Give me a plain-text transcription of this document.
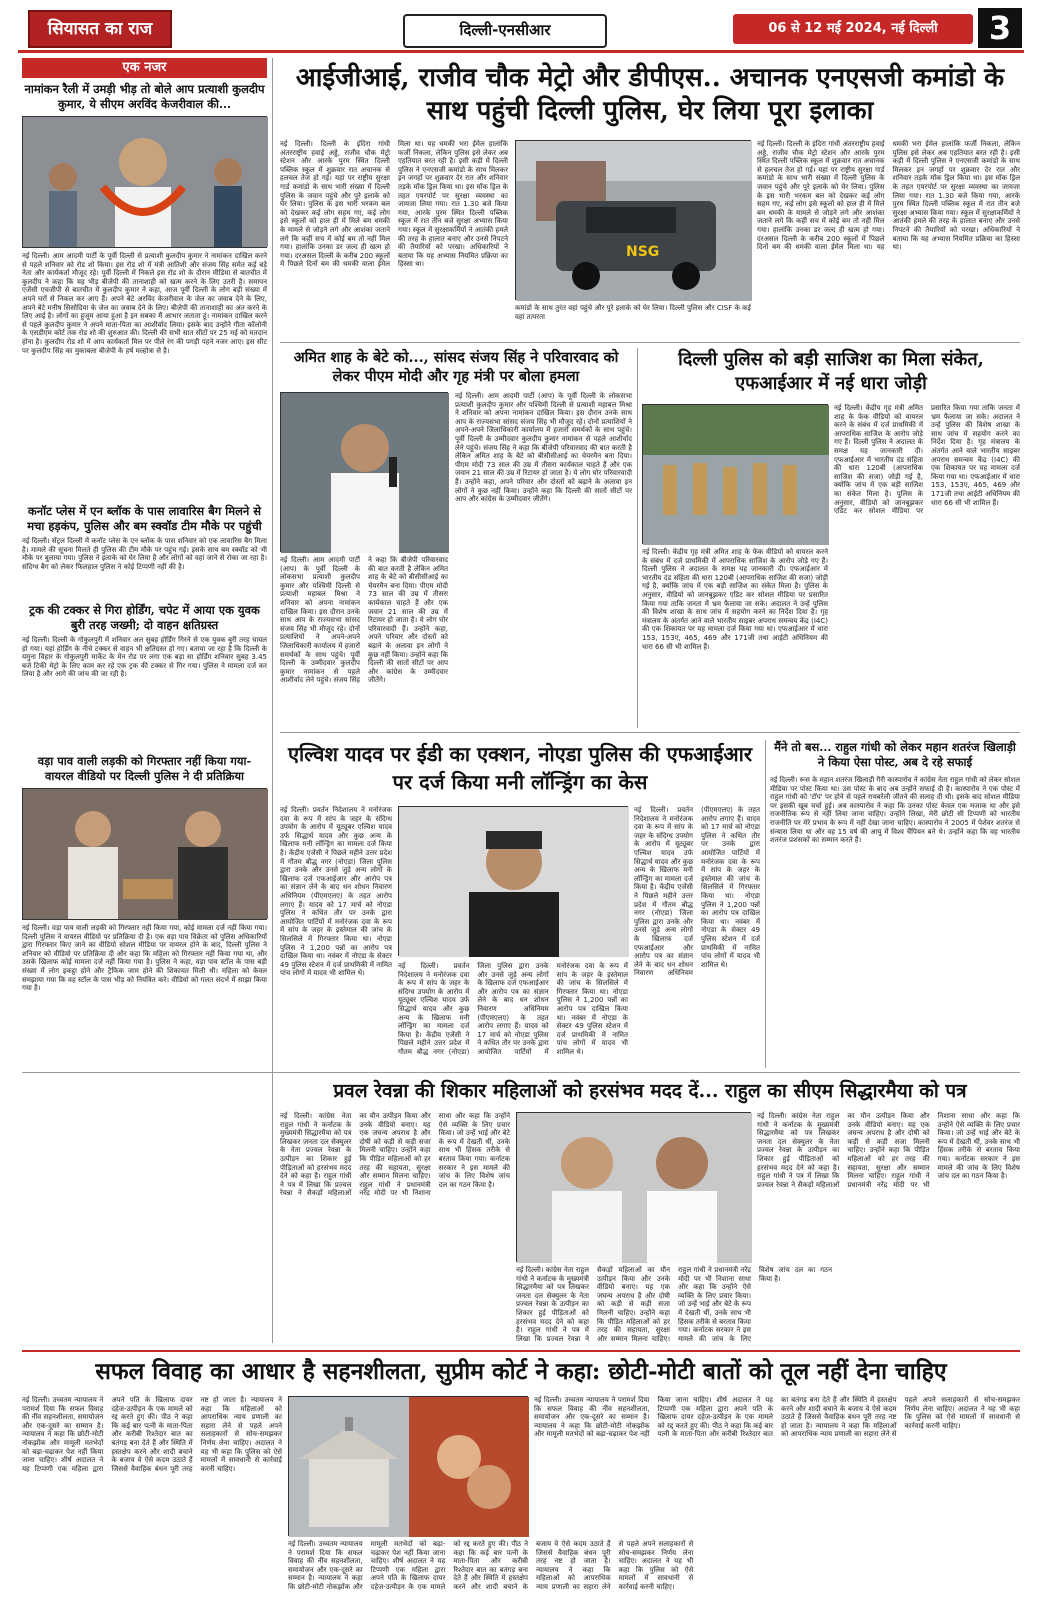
सियासत का राज	दिल्ली-एनसीआर	06 से 12 मई 2024, नई दिल्ली	3
एक नजर

नामांकन रैली में उमड़ी भीड़ तो बोले आप प्रत्याशी कुलदीप कुमार, ये सीएम अरविंद केजरीवाल की...

नई दिल्ली। आम आदमी पार्टी के पूर्वी दिल्ली से प्रत्याशी कुलदीप कुमार ने नामांकन दाखिल करने से पहले शनिवार को रोड शो किया। इस रोड शो में मंत्री आतिशी और संजय सिंह समेत कई बड़े नेता और कार्यकर्ता मौजूद रहे। पूर्वी दिल्ली में निकले इस रोड शो के दौरान मीडिया से बातचीत में कुलदीप ने कहा कि यह भीड़ बीजेपी की तानाशाही को खत्म करने के लिए उतरी है। समापन एजेंसी एचजीपी से बातचीत में कुलदीप कुमार ने कहा, आज पूर्वी दिल्ली के लोग बड़ी संख्या में अपने घरों से निकल कर आए हैं। अपने बेटे अरविंद केजरीवाल के जेल का जवाब देने के लिए, अपने बेटे मनीष सिसोदिया के जेल का जवाब देने के लिए। बीजेपी की तानाशाही का अंत करने के लिए आई है। लोगों का हुजूम आया हुआ है इन सबका मैं आभार जताता हूं। नामांकन दाखिल करने से पहले कुलदीप कुमार ने अपने माता-पिता का आशीर्वाद लिया। इसके बाद उन्होंने गीता कॉलोनी के एसडीएम कोर्ट तक रोड शो की शुरुआत की। दिल्ली की सभी सात सीटों पर 25 मई को मतदान होना है। कुलदीप रोड शो में आप कार्यकर्ता मिल पर पीले रंग की पगड़ी पहने नजर आए। इस सीट पर कुलदीप सिंह का मुकाबला बीजेपी के हर्ष मल्होत्रा से है।

कनॉट प्लेस में एन ब्लॉक के पास लावारिस बैग मिलने से मचा हड़कंप, पुलिस और बम स्क्वॉड टीम मौके पर पहुंची

नई दिल्ली। सेंट्रल दिल्ली में कनॉट प्लेस के एन ब्लॉक के पास शनिवार को एक लावारिस बैग मिला है। मामले की सूचना मिलते ही पुलिस की टीम मौके पर पहुंच गई। इसके साथ बम स्क्वॉड को भी मौके पर बुलाया गया। पुलिस ने इलाके को घेर लिया है और लोगों को वहां जाने से रोका जा रहा है। संदिग्ध बैग को लेकर फिलहाल पुलिस ने कोई टिप्पणी नहीं की है।

ट्रक की टक्कर से गिरा होर्डिंग, चपेट में आया एक युवक बुरी तरह जख्मी; दो वाहन क्षतिग्रस्त

नई दिल्ली। दिल्ली के गोकुलपुरी में शनिवार अल सुबह होर्डिंग गिरने से एक युवक बुरी तरह घायल हो गया। यहां होर्डिंग के नीचे टक्कर से वाहन भी क्षतिग्रस्त हो गए। बताया जा रहा है कि दिल्ली के यमुना विहार के गोकुलपुरी मार्केट के मेन रोड पर लगा एक बड़ा सा होर्डिंग शनिवार सुबह 3.45 बजे टिकी मेट्रो के लिए काम कर रहे एक ट्रक की टक्कर से गिर गया। पुलिस ने मामला दर्ज कर लिया है और आगे की जांच की जा रही है।

वड़ा पाव वाली लड़की को गिरफ्तार नहीं किया गया- वायरल वीडियो पर दिल्ली पुलिस ने दी प्रतिक्रिया

नई दिल्ली। वड़ा पाव वाली लड़की को गिरफ्तार नहीं किया गया, कोई मामला दर्ज नहीं किया गया। दिल्ली पुलिस ने वायरल वीडियो पर प्रतिक्रिया दी है। एक वड़ा पाव विक्रेता को पुलिस अधिकारियों द्वारा गिरफ्तार किए जाने का वीडियो सोशल मीडिया पर वायरल होने के बाद, दिल्ली पुलिस ने शनिवार को वीडियो पर प्रतिक्रिया दी और कहा कि महिला को गिरफ्तार नहीं किया गया था, और उसके खिलाफ कोई मामला दर्ज नहीं किया गया है। पुलिस ने कहा, वड़ा पाव स्टॉल के पास बड़ी संख्या में लोग इकट्ठा होने और ट्रैफिक जाम होने की शिकायत मिली थी। महिला को केवल समझाया गया कि वह स्टॉल के पास भीड़ को नियंत्रित करे। वीडियो को गलत संदर्भ में साझा किया गया है।

आईजीआई, राजीव चौक मेट्रो और डीपीएस.. अचानक एनएसजी कमांडो के साथ पहुंची दिल्ली पुलिस, घेर लिया पूरा इलाका

नई दिल्ली। दिल्ली के इंदिरा गांधी अंतरराष्ट्रीय हवाई अड्डे, राजीव चौक मेट्रो स्टेशन और आरके पुरम स्थित दिल्ली पब्लिक स्कूल में शुक्रवार रात अचानक से हलचल तेज हो गई। यहां पर राष्ट्रीय सुरक्षा गार्ड कमांडो के साथ भारी संख्या में दिल्ली पुलिस के जवान पहुंचे और पूरे इलाके को घेर लिया। पुलिस के इस भारी भरकम बल को देखकर कई लोग सहम गए, कई लोग इसे स्कूलों को हाल ही में मिले बम धमकी के मामले से जोड़ने लगे और आशंका जताने लगे कि कहीं सच में कोई बम तो नहीं मिल गया। हालांकि उनका डर जल्द ही खत्म हो गया। दरअसल दिल्ली के करीब 200 स्कूलों में पिछले दिनों बम की धमकी वाला ईमेल मिला था। यह धमकी भरा ईमेल हालांकि फर्जी निकला, लेकिन पुलिस इसे लेकर अब एहतियात बरत रही है। इसी कड़ी में दिल्ली पुलिस ने एनएसजी कमांडो के साथ मिलकर इन जगहों पर शुक्रवार देर रात और शनिवार तड़के मॉक ड्रिल किया था। इस मॉक ड्रिल के तहत एयरपोर्ट पर सुरक्षा व्यवस्था का जायजा लिया गया। रात 1.30 बजे किया गया, आरके पुरम स्थित दिल्ली पब्लिक स्कूल में रात तीन बजे सुरक्षा अभ्यास किया गया। स्कूल में सुरक्षाकर्मियों ने आतंकी हमले की तरह के हालात बनाए और उनसे निपटने की तैयारियों को परखा। अधिकारियों ने बताया कि यह अभ्यास नियमित प्रक्रिया का हिस्सा था।

NSG

कमांडो के साथ तुरंत वहां पहुंचे और पूरे इलाके को घेर लिया। दिल्ली पुलिस और CISF के कई वहां तत्परता

नई दिल्ली। दिल्ली के इंदिरा गांधी अंतरराष्ट्रीय हवाई अड्डे, राजीव चौक मेट्रो स्टेशन और आरके पुरम स्थित दिल्ली पब्लिक स्कूल में शुक्रवार रात अचानक से हलचल तेज हो गई। यहां पर राष्ट्रीय सुरक्षा गार्ड कमांडो के साथ भारी संख्या में दिल्ली पुलिस के जवान पहुंचे और पूरे इलाके को घेर लिया। पुलिस के इस भारी भरकम बल को देखकर कई लोग सहम गए, कई लोग इसे स्कूलों को हाल ही में मिले बम धमकी के मामले से जोड़ने लगे और आशंका जताने लगे कि कहीं सच में कोई बम तो नहीं मिल गया। हालांकि उनका डर जल्द ही खत्म हो गया। दरअसल दिल्ली के करीब 200 स्कूलों में पिछले दिनों बम की धमकी वाला ईमेल मिला था। यह धमकी भरा ईमेल हालांकि फर्जी निकला, लेकिन पुलिस इसे लेकर अब एहतियात बरत रही है। इसी कड़ी में दिल्ली पुलिस ने एनएसजी कमांडो के साथ मिलकर इन जगहों पर शुक्रवार देर रात और शनिवार तड़के मॉक ड्रिल किया था। इस मॉक ड्रिल के तहत एयरपोर्ट पर सुरक्षा व्यवस्था का जायजा लिया गया। रात 1.30 बजे किया गया, आरके पुरम स्थित दिल्ली पब्लिक स्कूल में रात तीन बजे सुरक्षा अभ्यास किया गया। स्कूल में सुरक्षाकर्मियों ने आतंकी हमले की तरह के हालात बनाए और उनसे निपटने की तैयारियों को परखा। अधिकारियों ने बताया कि यह अभ्यास नियमित प्रक्रिया का हिस्सा था।

अमित शाह के बेटे को..., सांसद संजय सिंह ने परिवारवाद को लेकर पीएम मोदी और गृह मंत्री पर बोला हमला

नई दिल्ली। आम आदमी पार्टी (आप) के पूर्वी दिल्ली के लोकसभा प्रत्याशी कुलदीप कुमार और पश्चिमी दिल्ली से प्रत्याशी महाबल मिश्रा ने शनिवार को अपना नामांकन दाखिल किया। इस दौरान उनके साथ आप के राज्यसभा सांसद संजय सिंह भी मौजूद रहे। दोनों प्रत्याशियों ने अपने-अपने जिलाधिकारी कार्यालय में हजारों समर्थकों के साथ पहुंचे। पूर्वी दिल्ली के उम्मीदवार कुलदीप कुमार नामांकन से पहले आशीर्वाद लेने पहुंचे। संजय सिंह ने कहा कि बीजेपी परिवारवाद की बात करती है लेकिन अमित शाह के बेटे को बीसीसीआई का चेयरमैन बना दिया। पीएम मोदी 73 साल की उम्र में तीसरा कार्यकाल चाहते हैं और एक जवान 21 साल की उम्र में रिटायर हो जाता है। ये लोग घोर परिवारवादी हैं। उन्होंने कहा, अपने परिवार और दोस्तों को बढ़ाने के अलावा इन लोगों ने कुछ नहीं किया। उन्होंने कहा कि दिल्ली की सातों सीटों पर आप और कांग्रेस के उम्मीदवार जीतेंगे।

नई दिल्ली। आम आदमी पार्टी (आप) के पूर्वी दिल्ली के लोकसभा प्रत्याशी कुलदीप कुमार और पश्चिमी दिल्ली से प्रत्याशी महाबल मिश्रा ने शनिवार को अपना नामांकन दाखिल किया। इस दौरान उनके साथ आप के राज्यसभा सांसद संजय सिंह भी मौजूद रहे। दोनों प्रत्याशियों ने अपने-अपने जिलाधिकारी कार्यालय में हजारों समर्थकों के साथ पहुंचे। पूर्वी दिल्ली के उम्मीदवार कुलदीप कुमार नामांकन से पहले आशीर्वाद लेने पहुंचे। संजय सिंह ने कहा कि बीजेपी परिवारवाद की बात करती है लेकिन अमित शाह के बेटे को बीसीसीआई का चेयरमैन बना दिया। पीएम मोदी 73 साल की उम्र में तीसरा कार्यकाल चाहते हैं और एक जवान 21 साल की उम्र में रिटायर हो जाता है। ये लोग घोर परिवारवादी हैं। उन्होंने कहा, अपने परिवार और दोस्तों को बढ़ाने के अलावा इन लोगों ने कुछ नहीं किया। उन्होंने कहा कि दिल्ली की सातों सीटों पर आप और कांग्रेस के उम्मीदवार जीतेंगे।

दिल्ली पुलिस को बड़ी साजिश का मिला संकेत, एफआईआर में नई धारा जोड़ी

नई दिल्ली। केंद्रीय गृह मंत्री अमित शाह के फेक वीडियो को वायरल करने के संबंध में दर्ज प्राथमिकी में आपराधिक साजिश के आरोप जोड़े गए हैं। दिल्ली पुलिस ने अदालत के समक्ष यह जानकारी दी। एफआईआर में भारतीय दंड संहिता की धारा 120बी (आपराधिक साजिश की सजा) जोड़ी गई है, क्योंकि जांच में एक बड़ी साजिश का संकेत मिला है। पुलिस के अनुसार, वीडियो को जानबूझकर एडिट कर सोशल मीडिया पर प्रसारित किया गया ताकि जनता में भ्रम फैलाया जा सके। अदालत ने उन्हें पुलिस की विशेष शाखा के साथ जांच में सहयोग करने का निर्देश दिया है। गृह मंत्रालय के अंतर्गत आने वाले भारतीय साइबर अपराध समन्वय केंद्र (I4C) की एक शिकायत पर यह मामला दर्ज किया गया था। एफआईआर में धारा 153, 153ए, 465, 469 और 171जी तथा आईटी अधिनियम की धारा 66 सी भी शामिल हैं।

नई दिल्ली। केंद्रीय गृह मंत्री अमित शाह के फेक वीडियो को वायरल करने के संबंध में दर्ज प्राथमिकी में आपराधिक साजिश के आरोप जोड़े गए हैं। दिल्ली पुलिस ने अदालत के समक्ष यह जानकारी दी। एफआईआर में भारतीय दंड संहिता की धारा 120बी (आपराधिक साजिश की सजा) जोड़ी गई है, क्योंकि जांच में एक बड़ी साजिश का संकेत मिला है। पुलिस के अनुसार, वीडियो को जानबूझकर एडिट कर सोशल मीडिया पर प्रसारित किया गया ताकि जनता में भ्रम फैलाया जा सके। अदालत ने उन्हें पुलिस की विशेष शाखा के साथ जांच में सहयोग करने का निर्देश दिया है। गृह मंत्रालय के अंतर्गत आने वाले भारतीय साइबर अपराध समन्वय केंद्र (I4C) की एक शिकायत पर यह मामला दर्ज किया गया था। एफआईआर में धारा 153, 153ए, 465, 469 और 171जी तथा आईटी अधिनियम की धारा 66 सी भी शामिल हैं।

एल्विश यादव पर ईडी का एक्शन, नोएडा पुलिस की एफआईआर पर दर्ज किया मनी लॉन्ड्रिंग का केस

नई दिल्ली। प्रवर्तन निदेशालय ने मनोरंजक दवा के रूप में सांप के जहर के संदिग्ध उपयोग के आरोप में यूट्यूबर एल्विश यादव उर्फ सिद्धार्थ यादव और कुछ अन्य के खिलाफ मनी लॉन्ड्रिंग का मामला दर्ज किया है। केंद्रीय एजेंसी ने पिछले महीने उत्तर प्रदेश में गौतम बौद्ध नगर (नोएडा) जिला पुलिस द्वारा उनके और उनसे जुड़े अन्य लोगों के खिलाफ दर्ज एफआईआर और आरोप पत्र का संज्ञान लेने के बाद धन शोधन निवारण अधिनियम (पीएमएलए) के तहत आरोप लगाए हैं। यादव को 17 मार्च को नोएडा पुलिस ने कथित तौर पर उनके द्वारा आयोजित पार्टियों में मनोरंजक दवा के रूप में सांप के जहर के इस्तेमाल की जांच के सिलसिले में गिरफ्तार किया था। नोएडा पुलिस ने 1,200 पन्नों का आरोप पत्र दाखिल किया था। नवंबर में नोएडा के सेक्टर 49 पुलिस स्टेशन में दर्ज प्राथमिकी में नामित पांच लोगों में यादव भी शामिल थे।

नई दिल्ली। प्रवर्तन निदेशालय ने मनोरंजक दवा के रूप में सांप के जहर के संदिग्ध उपयोग के आरोप में यूट्यूबर एल्विश यादव उर्फ सिद्धार्थ यादव और कुछ अन्य के खिलाफ मनी लॉन्ड्रिंग का मामला दर्ज किया है। केंद्रीय एजेंसी ने पिछले महीने उत्तर प्रदेश में गौतम बौद्ध नगर (नोएडा) जिला पुलिस द्वारा उनके और उनसे जुड़े अन्य लोगों के खिलाफ दर्ज एफआईआर और आरोप पत्र का संज्ञान लेने के बाद धन शोधन निवारण अधिनियम (पीएमएलए) के तहत आरोप लगाए हैं। यादव को 17 मार्च को नोएडा पुलिस ने कथित तौर पर उनके द्वारा आयोजित पार्टियों में मनोरंजक दवा के रूप में सांप के जहर के इस्तेमाल की जांच के सिलसिले में गिरफ्तार किया था। नोएडा पुलिस ने 1,200 पन्नों का आरोप पत्र दाखिल किया था। नवंबर में नोएडा के सेक्टर 49 पुलिस स्टेशन में दर्ज प्राथमिकी में नामित पांच लोगों में यादव भी शामिल थे।

नई दिल्ली। प्रवर्तन निदेशालय ने मनोरंजक दवा के रूप में सांप के जहर के संदिग्ध उपयोग के आरोप में यूट्यूबर एल्विश यादव उर्फ सिद्धार्थ यादव और कुछ अन्य के खिलाफ मनी लॉन्ड्रिंग का मामला दर्ज किया है। केंद्रीय एजेंसी ने पिछले महीने उत्तर प्रदेश में गौतम बौद्ध नगर (नोएडा) जिला पुलिस द्वारा उनके और उनसे जुड़े अन्य लोगों के खिलाफ दर्ज एफआईआर और आरोप पत्र का संज्ञान लेने के बाद धन शोधन निवारण अधिनियम (पीएमएलए) के तहत आरोप लगाए हैं। यादव को 17 मार्च को नोएडा पुलिस ने कथित तौर पर उनके द्वारा आयोजित पार्टियों में मनोरंजक दवा के रूप में सांप के जहर के इस्तेमाल की जांच के सिलसिले में गिरफ्तार किया था। नोएडा पुलिस ने 1,200 पन्नों का आरोप पत्र दाखिल किया था। नवंबर में नोएडा के सेक्टर 49 पुलिस स्टेशन में दर्ज प्राथमिकी में नामित पांच लोगों में यादव भी शामिल थे।

मैंने तो बस... राहुल गांधी को लेकर महान शतरंज खिलाड़ी ने किया ऐसा पोस्ट, अब दे रहे सफाई

नई दिल्ली। रूस के महान शतरंज खिलाड़ी गैरी कास्पारोव ने कांग्रेस नेता राहुल गांधी को लेकर सोशल मीडिया पर पोस्ट किया था। उस पोस्ट के बाद अब उन्होंने सफाई दी है। कास्पारोव ने एक पोस्ट में राहुल गांधी को 'टॉप' पर होने से पहले रायबरेली जीतने की सलाह दी थी। इसके बाद सोशल मीडिया पर इसकी खूब चर्चा हुई। अब कास्पारोव ने कहा कि उनका पोस्ट केवल एक मजाक था और इसे राजनीतिक रूप से नहीं लिया जाना चाहिए। उन्होंने लिखा, मेरी छोटी सी टिप्पणी को भारतीय राजनीति पर मेरे प्रभाव के रूप में नहीं देखा जाना चाहिए। कास्पारोव ने 2005 में पेशेवर शतरंज से संन्यास लिया था और वह 15 वर्ष की आयु में विश्व चैंपियन बने थे। उन्होंने कहा कि वह भारतीय शतरंज प्रशंसकों का सम्मान करते हैं।

प्रवल रेवन्ना की शिकार महिलाओं को हरसंभव मदद दें... राहुल का सीएम सिद्धारमैया को पत्र

नई दिल्ली। कांग्रेस नेता राहुल गांधी ने कर्नाटक के मुख्यमंत्री सिद्धारमैया को पत्र लिखकर जनता दल सेक्युलर के नेता प्रज्वल रेवन्ना के उत्पीड़न का शिकार हुई पीड़िताओं को हरसंभव मदद देने को कहा है। राहुल गांधी ने पत्र में लिखा कि प्रज्वल रेवन्ना ने सैकड़ों महिलाओं का यौन उत्पीड़न किया और उनके वीडियो बनाए। यह एक जघन्य अपराध है और दोषी को कड़ी से कड़ी सजा मिलनी चाहिए। उन्होंने कहा कि पीड़ित महिलाओं को हर तरह की सहायता, सुरक्षा और सम्मान मिलना चाहिए। राहुल गांधी ने प्रधानमंत्री नरेंद्र मोदी पर भी निशाना साधा और कहा कि उन्होंने ऐसे व्यक्ति के लिए प्रचार किया। जो उन्हें भाई और बेटे के रूप में देखती थीं, उनके साथ भी हिंसक तरीके से बरताव किया गया। कर्नाटक सरकार ने इस मामले की जांच के लिए विशेष जांच दल का गठन किया है।

नई दिल्ली। कांग्रेस नेता राहुल गांधी ने कर्नाटक के मुख्यमंत्री सिद्धारमैया को पत्र लिखकर जनता दल सेक्युलर के नेता प्रज्वल रेवन्ना के उत्पीड़न का शिकार हुई पीड़िताओं को हरसंभव मदद देने को कहा है। राहुल गांधी ने पत्र में लिखा कि प्रज्वल रेवन्ना ने सैकड़ों महिलाओं का यौन उत्पीड़न किया और उनके वीडियो बनाए। यह एक जघन्य अपराध है और दोषी को कड़ी से कड़ी सजा मिलनी चाहिए। उन्होंने कहा कि पीड़ित महिलाओं को हर तरह की सहायता, सुरक्षा और सम्मान मिलना चाहिए। राहुल गांधी ने प्रधानमंत्री नरेंद्र मोदी पर भी निशाना साधा और कहा कि उन्होंने ऐसे व्यक्ति के लिए प्रचार किया। जो उन्हें भाई और बेटे के रूप में देखती थीं, उनके साथ भी हिंसक तरीके से बरताव किया गया। कर्नाटक सरकार ने इस मामले की जांच के लिए विशेष जांच दल का गठन किया है।

नई दिल्ली। कांग्रेस नेता राहुल गांधी ने कर्नाटक के मुख्यमंत्री सिद्धारमैया को पत्र लिखकर जनता दल सेक्युलर के नेता प्रज्वल रेवन्ना के उत्पीड़न का शिकार हुई पीड़िताओं को हरसंभव मदद देने को कहा है। राहुल गांधी ने पत्र में लिखा कि प्रज्वल रेवन्ना ने सैकड़ों महिलाओं का यौन उत्पीड़न किया और उनके वीडियो बनाए। यह एक जघन्य अपराध है और दोषी को कड़ी से कड़ी सजा मिलनी चाहिए। उन्होंने कहा कि पीड़ित महिलाओं को हर तरह की सहायता, सुरक्षा और सम्मान मिलना चाहिए। राहुल गांधी ने प्रधानमंत्री नरेंद्र मोदी पर भी निशाना साधा और कहा कि उन्होंने ऐसे व्यक्ति के लिए प्रचार किया। जो उन्हें भाई और बेटे के रूप में देखती थीं, उनके साथ भी हिंसक तरीके से बरताव किया गया। कर्नाटक सरकार ने इस मामले की जांच के लिए विशेष जांच दल का गठन किया है।

सफल विवाह का आधार है सहनशीलता, सुप्रीम कोर्ट ने कहा: छोटी-मोटी बातों को तूल नहीं देना चाहिए

नई दिल्ली। उच्चतम न्यायालय ने परामर्श दिया कि सफल विवाह की नींव सहनशीलता, समायोजन और एक-दूसरे का सम्मान है। न्यायालय ने कहा कि छोटी-मोटी नोकझोंक और मामूली मतभेदों को बढ़ा-चढ़ाकर पेश नहीं किया जाना चाहिए। शीर्ष अदालत ने यह टिप्पणी एक महिला द्वारा अपने पति के खिलाफ दायर दहेज-उत्पीड़न के एक मामले को रद्द करते हुए की। पीठ ने कहा कि कई बार पत्नी के माता-पिता और करीबी रिश्तेदार बात का बतंगड़ बना देते हैं और स्थिति में हस्तक्षेप करने और शादी बचाने के बजाय वे ऐसे कदम उठाते हैं जिससे वैवाहिक बंधन पूरी तरह नष्ट हो जाता है। न्यायालय ने कहा कि महिलाओं को आपराधिक न्याय प्रणाली का सहारा लेने से पहले अपने सलाहकारों से सोच-समझकर निर्णय लेना चाहिए। अदालत ने यह भी कहा कि पुलिस को ऐसे मामलों में सावधानी से कार्रवाई करनी चाहिए।

नई दिल्ली। उच्चतम न्यायालय ने परामर्श दिया कि सफल विवाह की नींव सहनशीलता, समायोजन और एक-दूसरे का सम्मान है। न्यायालय ने कहा कि छोटी-मोटी नोकझोंक और मामूली मतभेदों को बढ़ा-चढ़ाकर पेश नहीं किया जाना चाहिए। शीर्ष अदालत ने यह टिप्पणी एक महिला द्वारा अपने पति के खिलाफ दायर दहेज-उत्पीड़न के एक मामले को रद्द करते हुए की। पीठ ने कहा कि कई बार पत्नी के माता-पिता और करीबी रिश्तेदार बात का बतंगड़ बना देते हैं और स्थिति में हस्तक्षेप करने और शादी बचाने के बजाय वे ऐसे कदम उठाते हैं जिससे वैवाहिक बंधन पूरी तरह नष्ट हो जाता है। न्यायालय ने कहा कि महिलाओं को आपराधिक न्याय प्रणाली का सहारा लेने से पहले अपने सलाहकारों से सोच-समझकर निर्णय लेना चाहिए। अदालत ने यह भी कहा कि पुलिस को ऐसे मामलों में सावधानी से कार्रवाई करनी चाहिए।

नई दिल्ली। उच्चतम न्यायालय ने परामर्श दिया कि सफल विवाह की नींव सहनशीलता, समायोजन और एक-दूसरे का सम्मान है। न्यायालय ने कहा कि छोटी-मोटी नोकझोंक और मामूली मतभेदों को बढ़ा-चढ़ाकर पेश नहीं किया जाना चाहिए। शीर्ष अदालत ने यह टिप्पणी एक महिला द्वारा अपने पति के खिलाफ दायर दहेज-उत्पीड़न के एक मामले को रद्द करते हुए की। पीठ ने कहा कि कई बार पत्नी के माता-पिता और करीबी रिश्तेदार बात का बतंगड़ बना देते हैं और स्थिति में हस्तक्षेप करने और शादी बचाने के बजाय वे ऐसे कदम उठाते हैं जिससे वैवाहिक बंधन पूरी तरह नष्ट हो जाता है। न्यायालय ने कहा कि महिलाओं को आपराधिक न्याय प्रणाली का सहारा लेने से पहले अपने सलाहकारों से सोच-समझकर निर्णय लेना चाहिए। अदालत ने यह भी कहा कि पुलिस को ऐसे मामलों में सावधानी से कार्रवाई करनी चाहिए।
